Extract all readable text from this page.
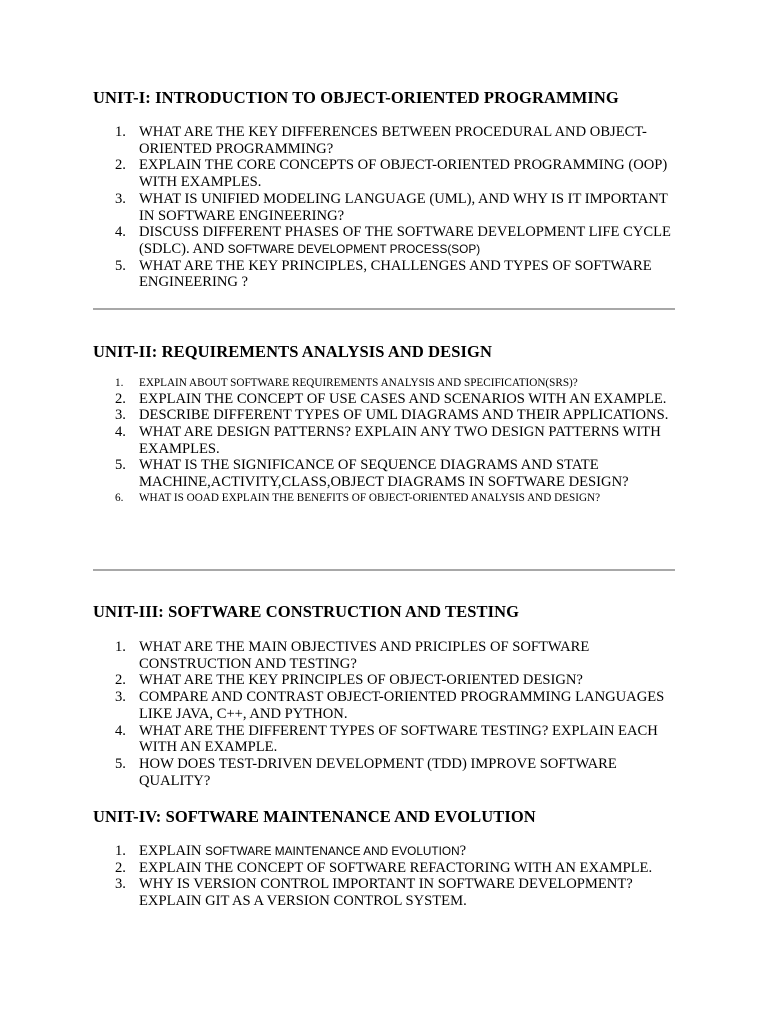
UNIT-I: INTRODUCTION TO OBJECT-ORIENTED PROGRAMMING
1. WHAT ARE THE KEY DIFFERENCES BETWEEN PROCEDURAL AND OBJECT-ORIENTED PROGRAMMING?
2. EXPLAIN THE CORE CONCEPTS OF OBJECT-ORIENTED PROGRAMMING (OOP) WITH EXAMPLES.
3. WHAT IS UNIFIED MODELING LANGUAGE (UML), AND WHY IS IT IMPORTANT IN SOFTWARE ENGINEERING?
4. DISCUSS DIFFERENT PHASES OF THE SOFTWARE DEVELOPMENT LIFE CYCLE (SDLC). AND SOFTWARE DEVELOPMENT PROCESS(SOP)
5. WHAT ARE THE KEY PRINCIPLES, CHALLENGES AND TYPES OF SOFTWARE ENGINEERING ?
UNIT-II: REQUIREMENTS ANALYSIS AND DESIGN
1.	EXPLAIN ABOUT SOFTWARE REQUIREMENTS ANALYSIS AND SPECIFICATION(SRS)?
2. EXPLAIN THE CONCEPT OF USE CASES AND SCENARIOS WITH AN EXAMPLE.
3. DESCRIBE DIFFERENT TYPES OF UML DIAGRAMS AND THEIR APPLICATIONS.
4. WHAT ARE DESIGN PATTERNS? EXPLAIN ANY TWO DESIGN PATTERNS WITH EXAMPLES.
5. WHAT IS THE SIGNIFICANCE OF SEQUENCE DIAGRAMS AND STATE MACHINE,ACTIVITY,CLASS,OBJECT DIAGRAMS IN SOFTWARE DESIGN?
6.	WHAT IS OOAD EXPLAIN THE BENEFITS OF OBJECT-ORIENTED ANALYSIS AND DESIGN?
UNIT-III: SOFTWARE CONSTRUCTION AND TESTING
1. WHAT ARE THE MAIN OBJECTIVES AND PRICIPLES OF SOFTWARE CONSTRUCTION AND TESTING?
2. WHAT ARE THE KEY PRINCIPLES OF OBJECT-ORIENTED DESIGN?
3. COMPARE AND CONTRAST OBJECT-ORIENTED PROGRAMMING LANGUAGES LIKE JAVA, C++, AND PYTHON.
4. WHAT ARE THE DIFFERENT TYPES OF SOFTWARE TESTING? EXPLAIN EACH WITH AN EXAMPLE.
5. HOW DOES TEST-DRIVEN DEVELOPMENT (TDD) IMPROVE SOFTWARE QUALITY?
UNIT-IV: SOFTWARE MAINTENANCE AND EVOLUTION
1. EXPLAIN SOFTWARE MAINTENANCE AND EVOLUTION?
2. EXPLAIN THE CONCEPT OF SOFTWARE REFACTORING WITH AN EXAMPLE.
3. WHY IS VERSION CONTROL IMPORTANT IN SOFTWARE DEVELOPMENT? EXPLAIN GIT AS A VERSION CONTROL SYSTEM.
